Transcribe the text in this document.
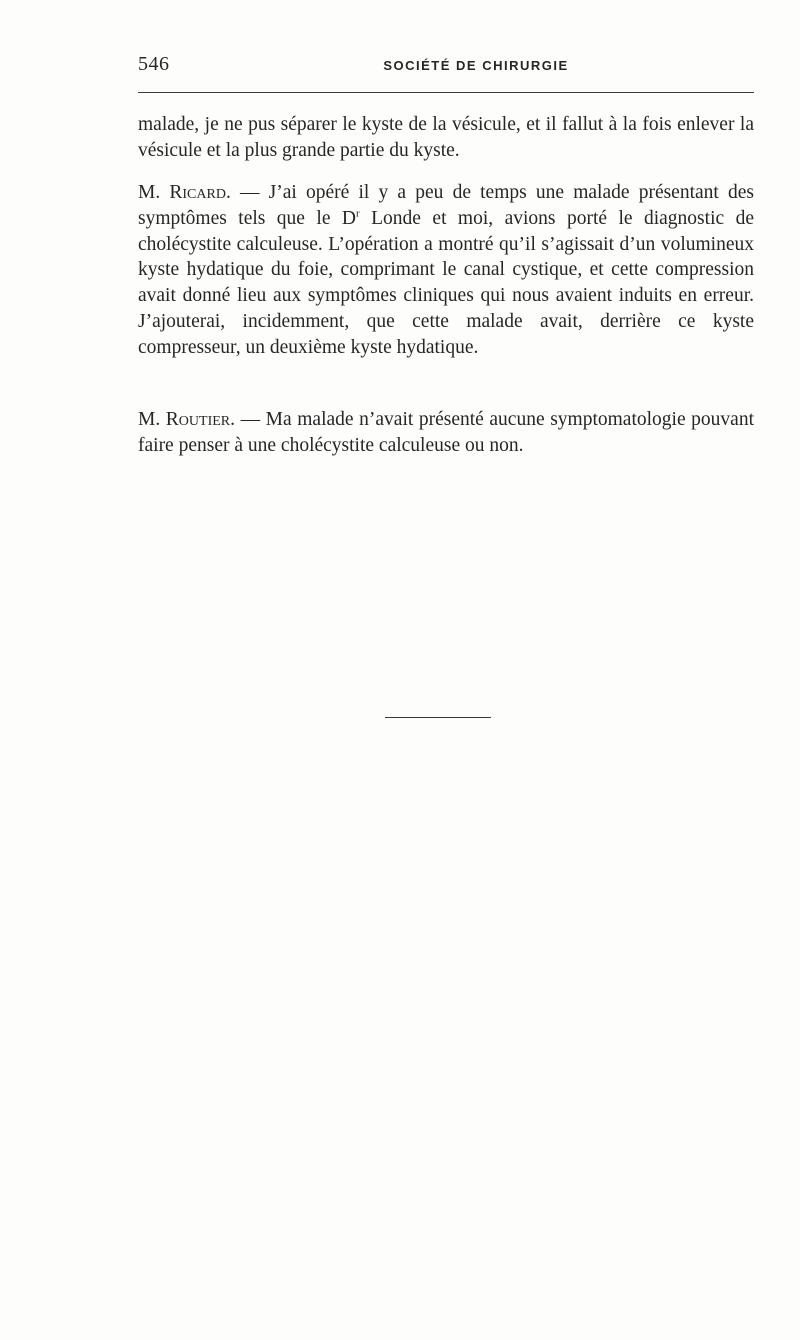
546	SOCIÉTÉ DE CHIRURGIE

malade, je ne pus séparer le kyste de la vésicule, et il fallut à la fois enlever la vésicule et la plus grande partie du kyste.

M. Ricard. — J’ai opéré il y a peu de temps une malade présentant des symptômes tels que le $D^r$ Londe et moi, avions porté le diagnostic de cholécystite calculeuse. L’opération a montré qu’il s’agissait d’un volumineux kyste hydatique du foie, comprimant le canal cystique, et cette compression avait donné lieu aux symptômes cliniques qui nous avaient induits en erreur. J’ajouterai, incidemment, que cette malade avait, derrière ce kyste compresseur, un deuxième kyste hydatique.

M. Routier. — Ma malade n’avait présenté aucune symptomatologie pouvant faire penser à une cholécystite calculeuse ou non.
